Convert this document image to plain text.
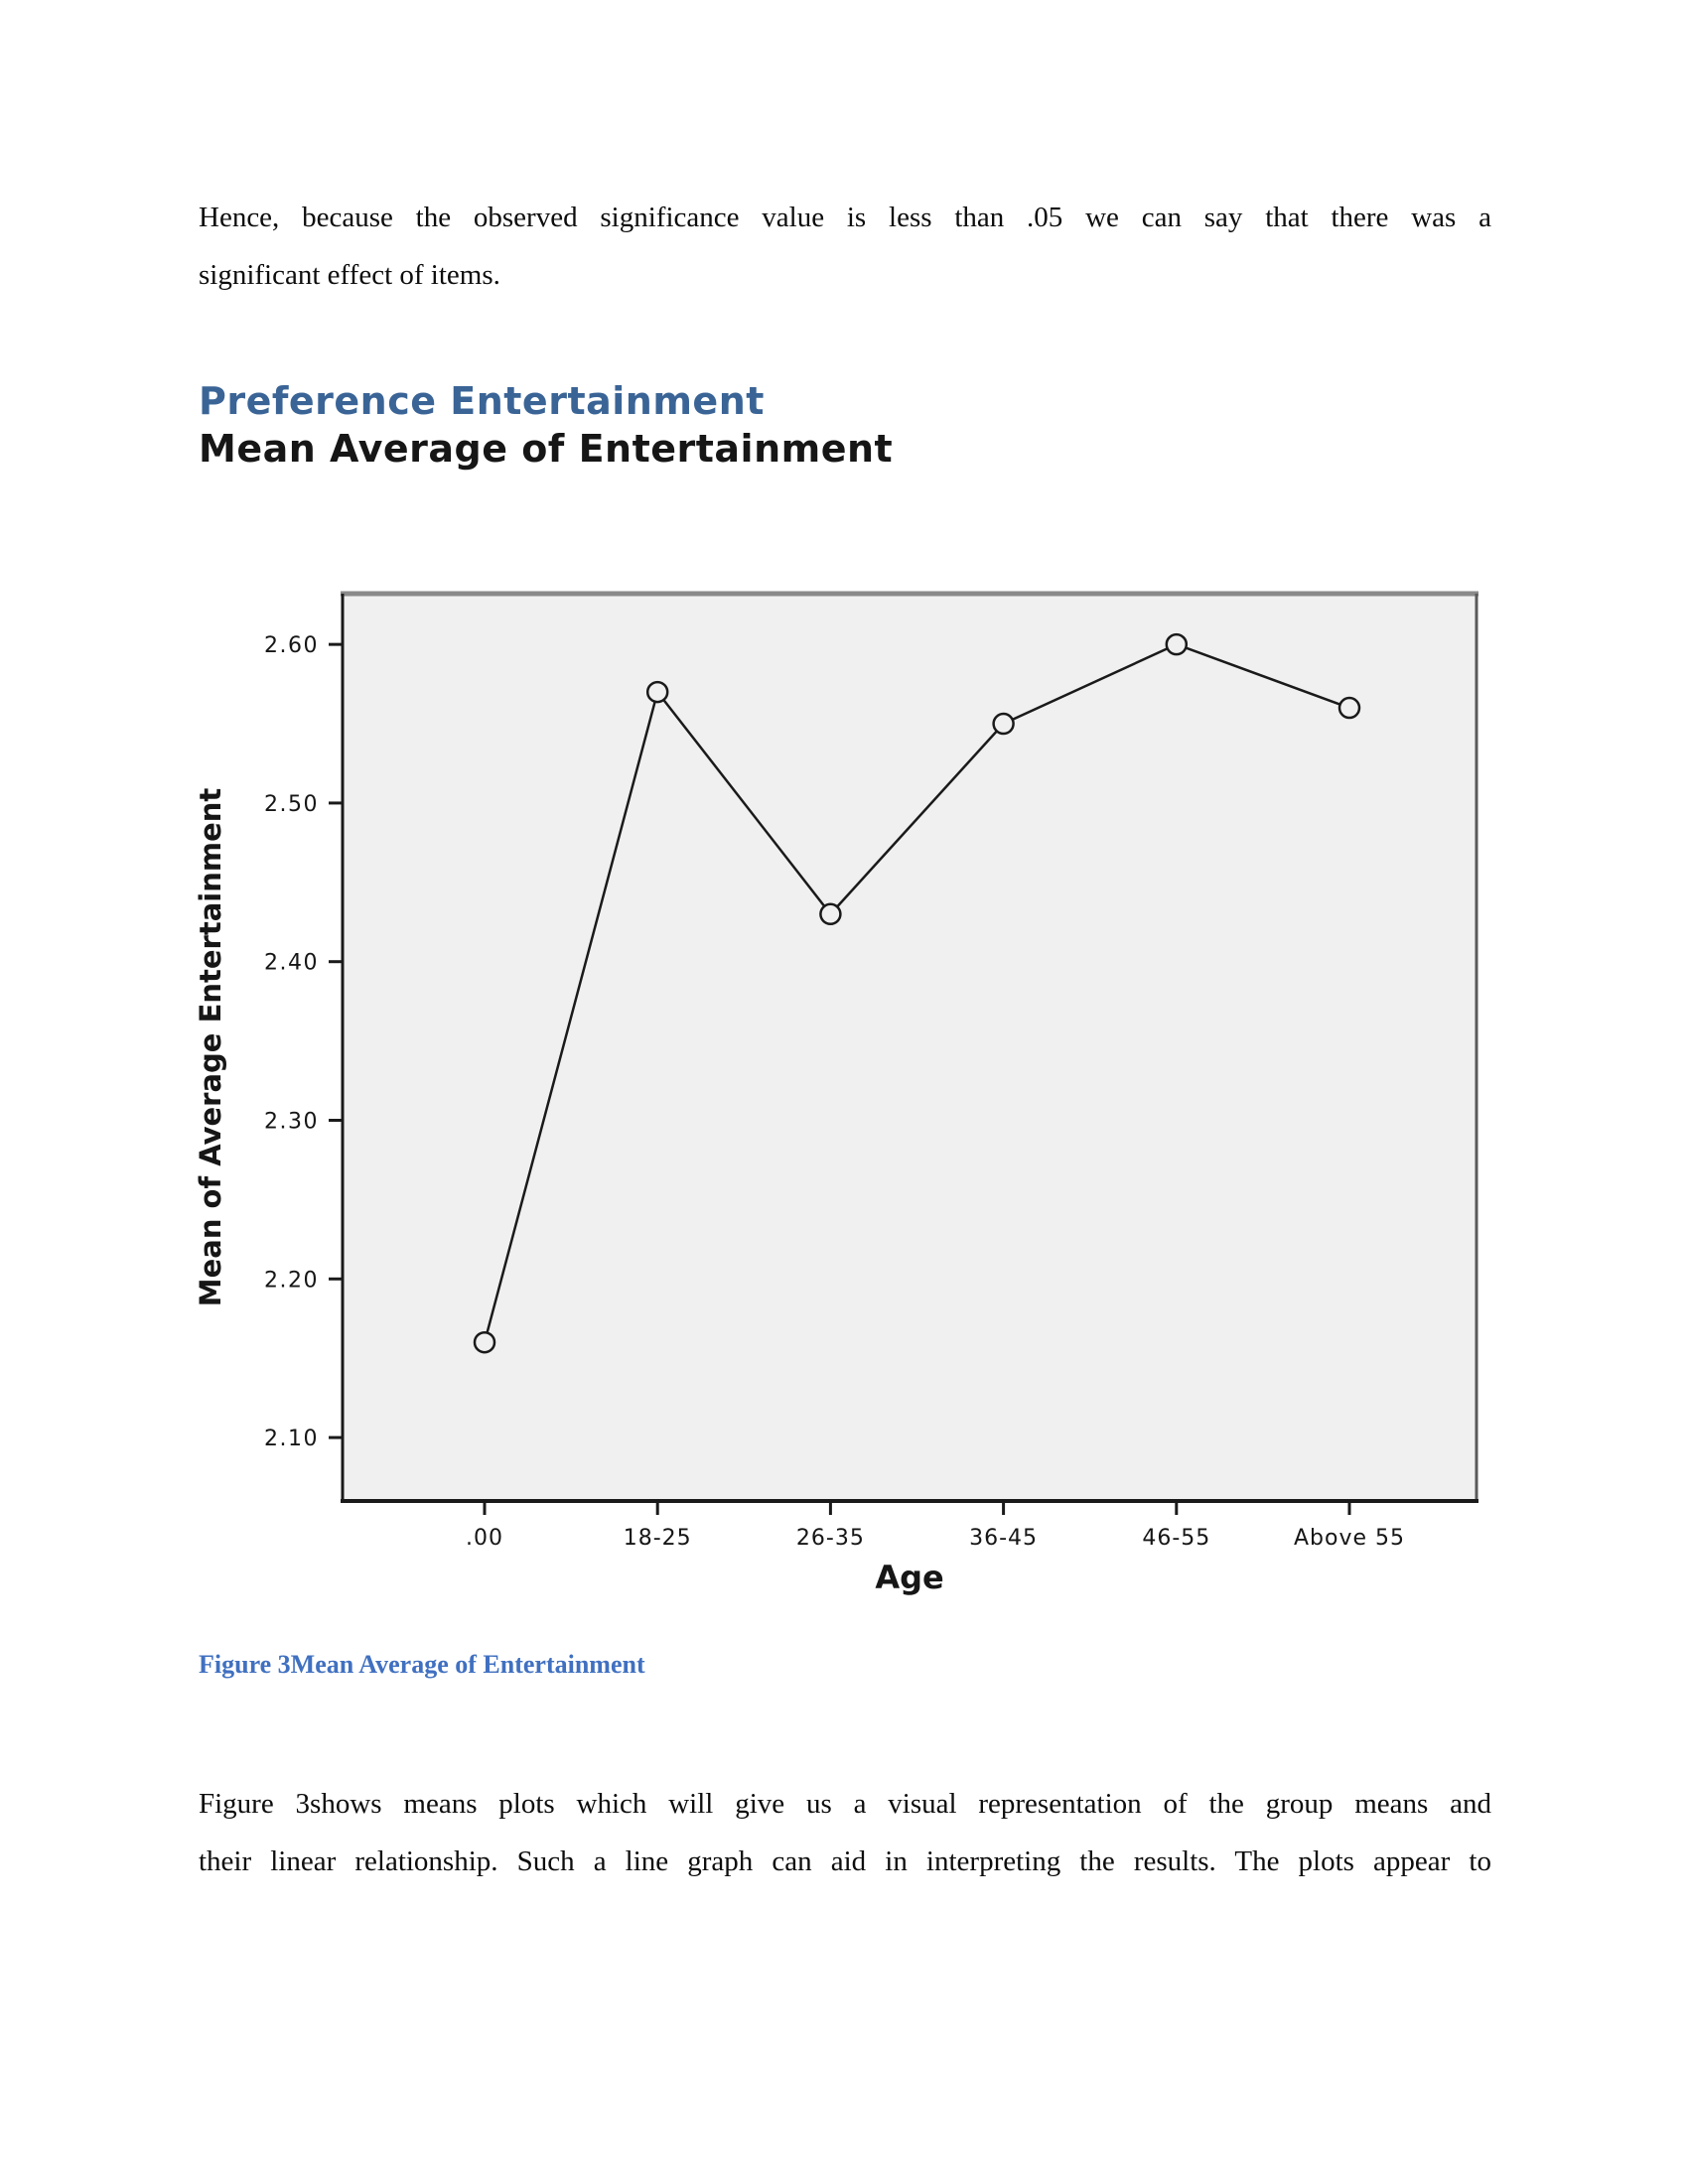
Hence, because the observed significance value is less than .05 we can say that there was a
significant effect of items.
Preference Entertainment
Mean Average of Entertainment
2.10
2.20
2.30
2.40
2.50
2.60
.00	18-25	26-35	36-45	46-55	Above 55
Age
Mean of Average Entertainment
Figure 3Mean Average of Entertainment
Figure 3shows means plots which will give us a visual representation of the group means and
their linear relationship. Such a line graph can aid in interpreting the results. The plots appear to
